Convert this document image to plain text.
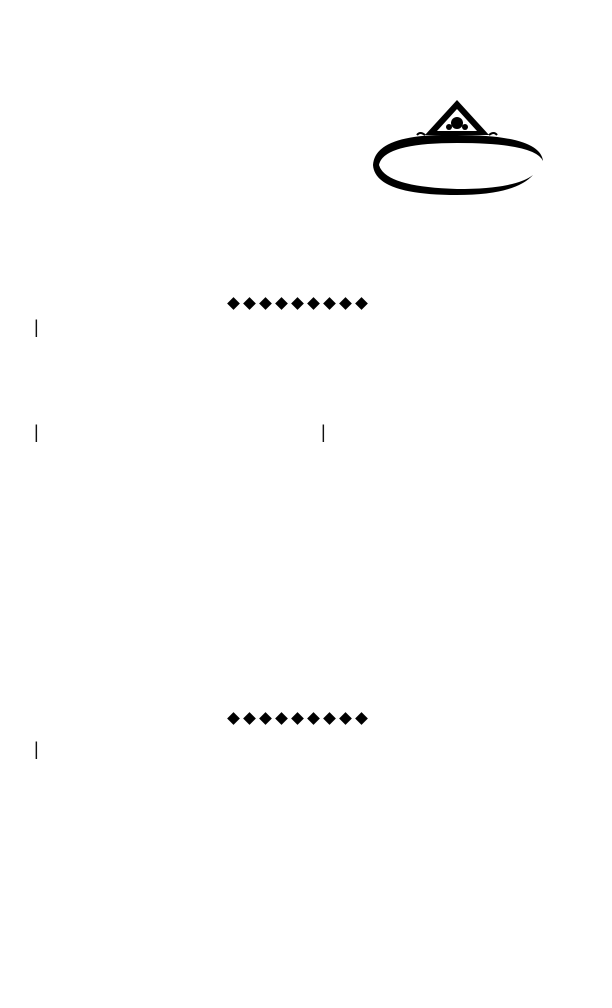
|
|	|
|
